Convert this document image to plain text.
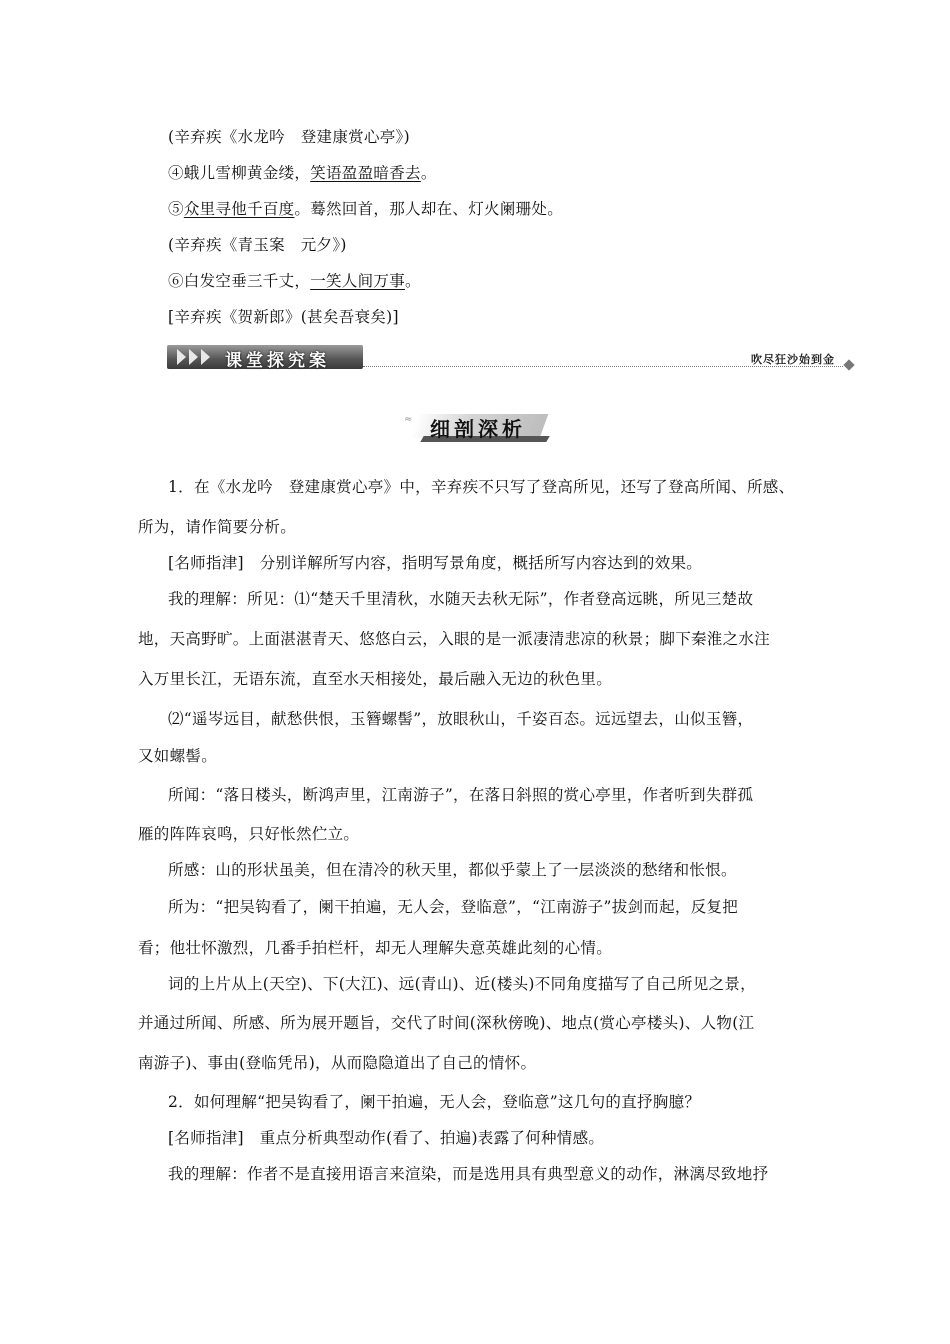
(辛弃疾《水龙吟　登建康赏心亭》)
④蛾儿雪柳黄金缕，笑语盈盈暗香去。
⑤众里寻他千百度。蓦然回首，那人却在、灯火阑珊处。
(辛弃疾《青玉案　元夕》)
⑥白发空垂三千丈，一笑人间万事。
[辛弃疾《贺新郎》(甚矣吾衰矣)]
课堂探究案	吹尽狂沙始到金
≈ 细剖深析
1．在《水龙吟　登建康赏心亭》中，辛弃疾不只写了登高所见，还写了登高所闻、所感、
所为，请作简要分析。
[名师指津]　分别详解所写内容，指明写景角度，概括所写内容达到的效果。
我的理解：所见：⑴“楚天千里清秋，水随天去秋无际”，作者登高远眺，所见三楚故
地，天高野旷。上面湛湛青天、悠悠白云，入眼的是一派凄清悲凉的秋景；脚下秦淮之水注
入万里长江，无语东流，直至水天相接处，最后融入无边的秋色里。
⑵“遥岑远目，献愁供恨，玉簪螺髻”，放眼秋山，千姿百态。远远望去，山似玉簪，
又如螺髻。
所闻：“落日楼头，断鸿声里，江南游子”，在落日斜照的赏心亭里，作者听到失群孤
雁的阵阵哀鸣，只好怅然伫立。
所感：山的形状虽美，但在清冷的秋天里，都似乎蒙上了一层淡淡的愁绪和怅恨。
所为：“把吴钩看了，阑干拍遍，无人会，登临意”，“江南游子”拔剑而起，反复把
看；他壮怀激烈，几番手拍栏杆，却无人理解失意英雄此刻的心情。
词的上片从上(天空)、下(大江)、远(青山)、近(楼头)不同角度描写了自己所见之景，
并通过所闻、所感、所为展开题旨，交代了时间(深秋傍晚)、地点(赏心亭楼头)、人物(江
南游子)、事由(登临凭吊)，从而隐隐道出了自己的情怀。
2．如何理解“把吴钩看了，阑干拍遍，无人会，登临意”这几句的直抒胸臆？
[名师指津]　重点分析典型动作(看了、拍遍)表露了何种情感。
我的理解：作者不是直接用语言来渲染，而是选用具有典型意义的动作，淋漓尽致地抒
